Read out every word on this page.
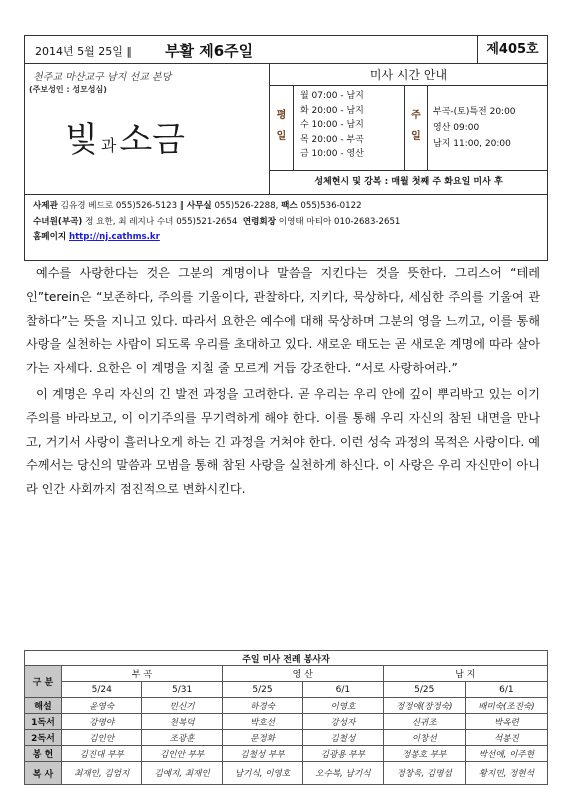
2014년 5월 25일 ‖ 부활 제6주일	제405호
천주교 마산교구 남지 선교 본당
(주보성인 : 성모성심)
빛과소금
미사 시간 안내
평
일
월 07:00 - 남지
화 20:00 - 남지
수 10:00 - 남지
목 20:00 - 부곡
금 10:00 - 영산
주
일
부곡-(토)특전 20:00
영산 09:00
남지 11:00, 20:00
성체현시 및 강복 : 매월 첫째 주 화요일 미사 후
사제관 김유경 베드로 055)526-5123 ‖ 사무실 055)526-2288, 팩스 055)536-0122
수녀원(부곡) 정 요한, 최 레지나 수녀 055)521-2654 연령회장 이영태 마티아 010-2683-2651
홈페이지 http://nj.cathms.kr

예수를 사랑한다는 것은 그분의 계명이나 말씀을 지킨다는 것을 뜻한다. 그리스어 “테레인”terein은 “보존하다, 주의를 기울이다, 관찰하다, 지키다, 묵상하다, 세심한 주의를 기울여 관찰하다”는 뜻을 지니고 있다. 따라서 요한은 예수에 대해 묵상하며 그분의 영을 느끼고, 이를 통해 사랑을 실천하는 사람이 되도록 우리를 초대하고 있다. 새로운 태도는 곧 새로운 계명에 따라 살아가는 자세다. 요한은 이 계명을 지칠 줄 모르게 거듭 강조한다. “서로 사랑하여라.”

이 계명은 우리 자신의 긴 발전 과정을 고려한다. 곧 우리는 우리 안에 깊이 뿌리박고 있는 이기주의를 바라보고, 이 이기주의를 무기력하게 해야 한다. 이를 통해 우리 자신의 참된 내면을 만나고, 거기서 사랑이 흘러나오게 하는 긴 과정을 거쳐야 한다. 이런 성숙 과정의 목적은 사랑이다. 예수께서는 당신의 말씀과 모범을 통해 참된 사랑을 실천하게 하신다. 이 사랑은 우리 자신만이 아니라 인간 사회까지 점진적으로 변화시킨다.

주일 미사 전례 봉사자						
구 분	부 곡		영 산		남 지	
	5/24	5/31	5/25	6/1	5/25	6/1
해설	윤영숙	민신기	하경숙	이영호	정정애(장정숙)	배미숙(조진숙)
1독서	강명야	천복덕	박호선	강성자	신귀조	박옥련
2독서	김인안	조광훈	문정화	김철성	이창선	석봉진
봉 헌	김진대 부부	김인안 부부	김철성 부부	김광용 부부	정봉호 부부	박선애, 이주현
복 사	최재인, 김엄지	김예지, 최재인	남기식, 이영호	오수복, 남기식	정창욱, 김명섭	황지민, 정현석
